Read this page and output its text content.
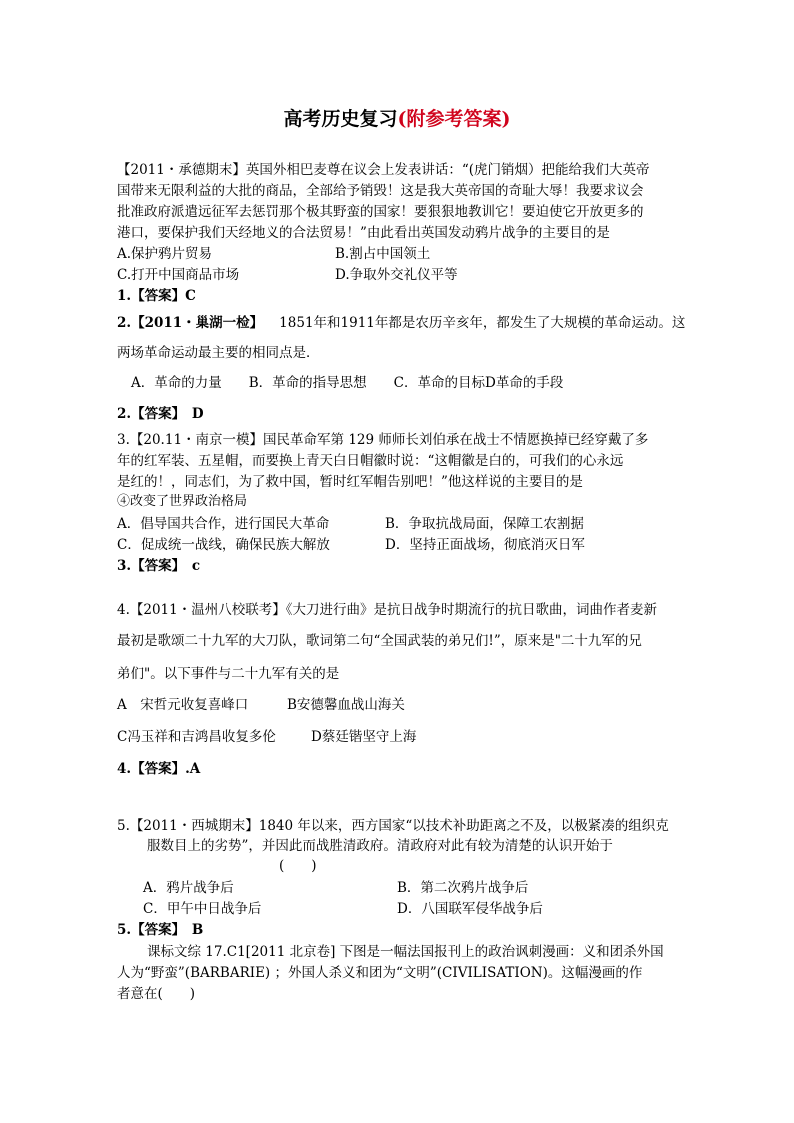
高考历史复习(附参考答案)
【2011・承德期末】英国外相巴麦尊在议会上发表讲话：“(虎门销烟）把能给我们大英帝
国带来无限利益的大批的商品，全部给予销毁！这是我大英帝国的奇耻大辱！我要求议会
批准政府派遣远征军去惩罚那个极其野蛮的国家！要狠狠地教训它！要迫使它开放更多的
港口，要保护我们天经地义的合法贸易！”由此看出英国发动鸦片战争的主要目的是
A.保护鸦片贸易	B.割占中国领土
C.打开中国商品市场	D.争取外交礼仪平等
1.【答案】C
2.【2011・巢湖一检】 1851年和1911年都是农历辛亥年，都发生了大规模的革命运动。这
两场革命运动最主要的相同点是．
A．革命的力量　　B．革命的指导思想　　C．革命的目标D革命的手段
2.【答案】　D
3.【20.11・南京一模】国民革命军第 129 师师长刘伯承在战士不情愿换掉已经穿戴了多
年的红军装、五星帽，而要换上青天白日帽徽时说：“这帽徽是白的，可我们的心永远
是红的！，同志们，为了救中国，暂时红军帽告别吧！”他这样说的主要目的是
④改变了世界政治格局
A．倡导国共合作，进行国民大革命	B．争取抗战局面，保障工农割据
C．促成统一战线，确保民族大解放	D．坚持正面战场，彻底消灭日军
3.【答案】　c
4.【2011・温州八校联考】《大刀进行曲》是抗日战争时期流行的抗日歌曲，词曲作者麦新
最初是歌颂二十九军的大刀队，歌词第二句“全国武装的弟兄们!”，原来是"二十九军的兄
弟们"。以下事件与二十九军有关的是
A　宋哲元收复喜峰口	B安德馨血战山海关
C冯玉祥和吉鸿昌收复多伦	D蔡廷锴坚守上海
4.【答案】.A
5.【2011・西城期末】1840 年以来，西方国家“以技术补助距离之不及，以极紧凑的组织克
服数目上的劣势”，并因此而战胜清政府。清政府对此有较为清楚的认识开始于
(　　)
A．鸦片战争后	B．第二次鸦片战争后
C．甲午中日战争后	D．八国联军侵华战争后
5.【答案】　B
课标文综 17.C1[2011 北京卷] 下图是一幅法国报刊上的政治讽刺漫画：义和团杀外国
人为“野蛮”(BARBARIE) ；外国人杀义和团为“文明”(CIVILISATION)。这幅漫画的作
者意在(　　)
